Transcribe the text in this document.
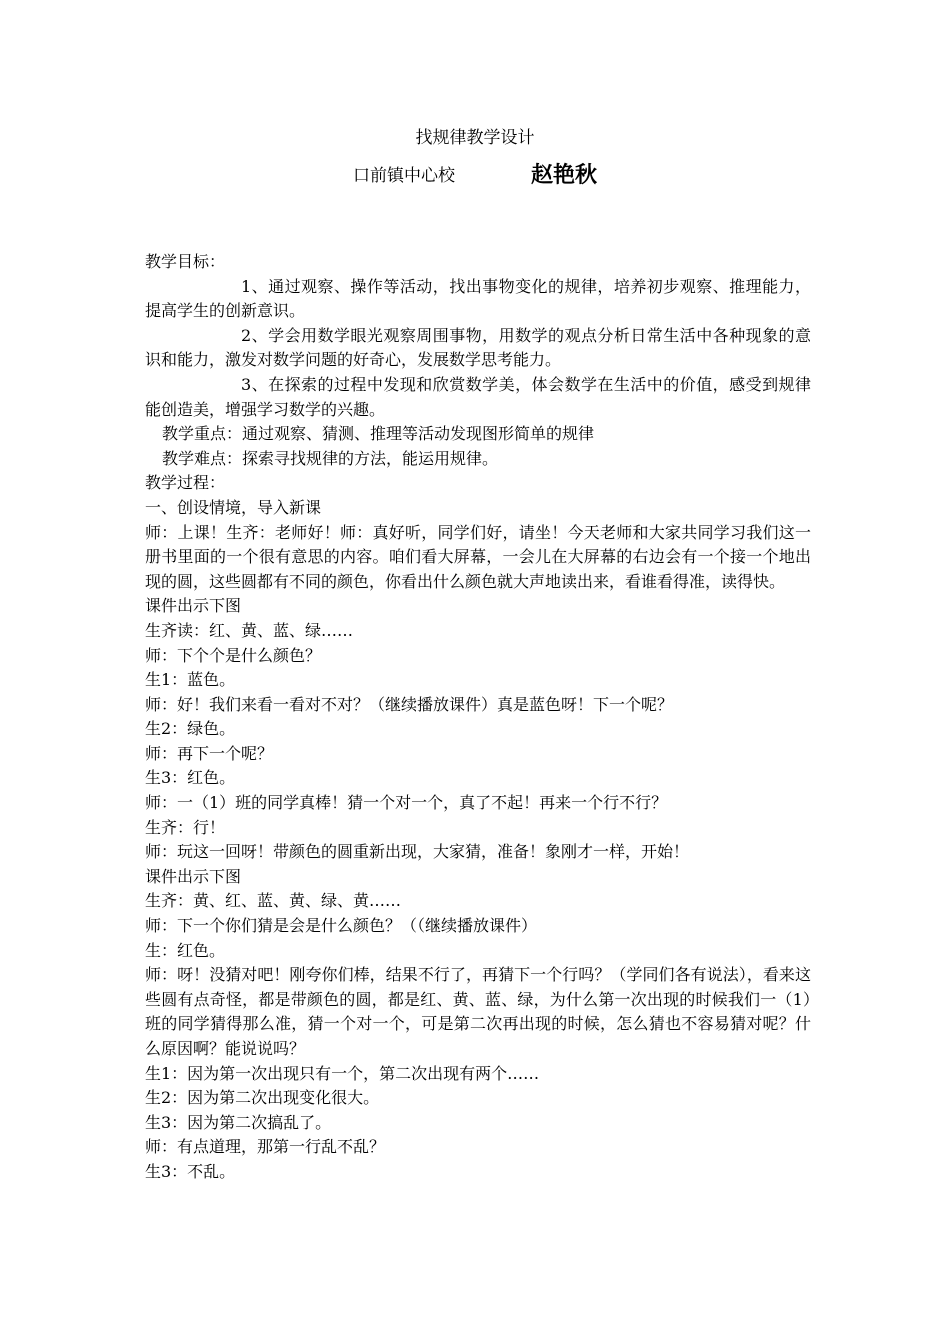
找规律教学设计
口前镇中心校	赵艳秋

教学目标：

1、通过观察、操作等活动，找出事物变化的规律，培养初步观察、推理能力，提高学生的创新意识。

2、学会用数学眼光观察周围事物，用数学的观点分析日常生活中各种现象的意识和能力，激发对数学问题的好奇心，发展数学思考能力。

3、在探索的过程中发现和欣赏数学美，体会数学在生活中的价值，感受到规律能创造美，增强学习数学的兴趣。

教学重点：通过观察、猜测、推理等活动发现图形简单的规律

教学难点：探索寻找规律的方法，能运用规律。

教学过程：

一、创设情境，导入新课

师：上课！生齐：老师好！师：真好听，同学们好，请坐！今天老师和大家共同学习我们这一册书里面的一个很有意思的内容。咱们看大屏幕，一会儿在大屏幕的右边会有一个接一个地出现的圆，这些圆都有不同的颜色，你看出什么颜色就大声地读出来，看谁看得准，读得快。

课件出示下图

生齐读：红、黄、蓝、绿……

师：下个个是什么颜色？

生1：蓝色。

师：好！我们来看一看对不对？（继续播放课件）真是蓝色呀！下一个呢？

生2：绿色。

师：再下一个呢？

生3：红色。

师：一（1）班的同学真棒！猜一个对一个，真了不起！再来一个行不行？

生齐：行！

师：玩这一回呀！带颜色的圆重新出现，大家猜，准备！象刚才一样，开始！

课件出示下图

生齐：黄、红、蓝、黄、绿、黄……

师：下一个你们猜是会是什么颜色？（（继续播放课件）

生：红色。

师：呀！没猜对吧！刚夸你们棒，结果不行了，再猜下一个行吗？（学同们各有说法），看来这些圆有点奇怪，都是带颜色的圆，都是红、黄、蓝、绿，为什么第一次出现的时候我们一（1）班的同学猜得那么准，猜一个对一个，可是第二次再出现的时候，怎么猜也不容易猜对呢？什么原因啊？能说说吗？

生1：因为第一次出现只有一个，第二次出现有两个……

生2：因为第二次出现变化很大。

生3：因为第二次搞乱了。

师：有点道理，那第一行乱不乱？

生3：不乱。
